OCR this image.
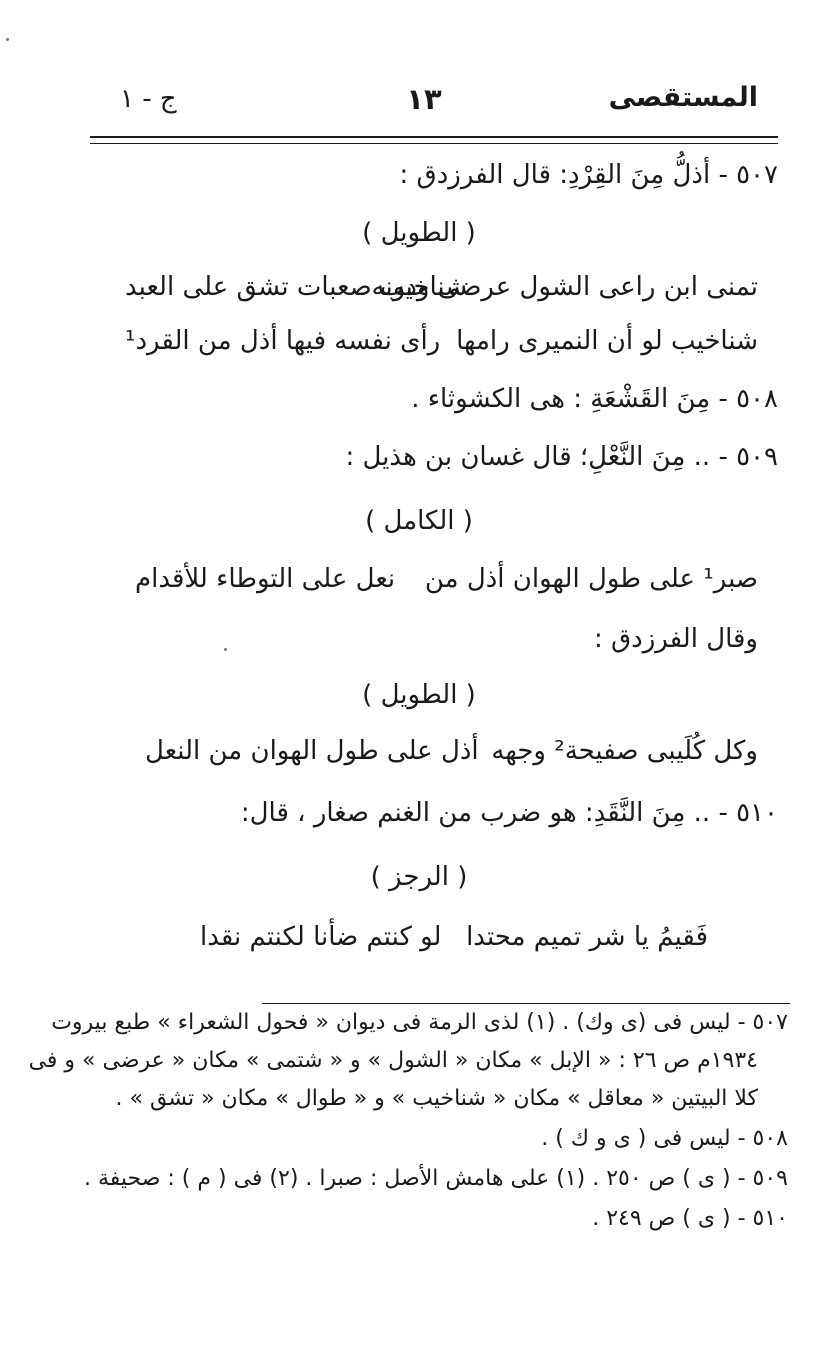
المستقصى
١٣
ج - ١
٥٠٧ - أذلُّ مِنَ القِرْدِ: قال الفرزدق :
( الطويل )
تمنى ابن راعى الشول عرضى ودونه
شناخيب صعبات تشق على العبد
شناخيب لو أن النميرى رامها
رأى نفسه فيها أذل من القرد¹
٥٠٨ - مِنَ القَشْعَةِ : هى الكشوثاء .
٥٠٩ - .. مِنَ النَّعْلِ؛ قال غسان بن هذيل :
( الكامل )
صبر¹ على طول الهوان أذل من
نعل على التوطاء للأقدام
وقال الفرزدق :
( الطويل )
وكل كُلَيبى صفيحة² وجهه
أذل على طول الهوان من النعل
٥١٠ - .. مِنَ النَّقَدِ: هو ضرب من الغنم صغار ، قال:
( الرجز )
فَقيمُ يا شر تميم محتدا
لو كنتم ضأنا لكنتم نقدا
٥٠٧ - ليس فى (ى وك) . (١) لذى الرمة فى ديوان « فحول الشعراء » طبع بيروت
١٩٣٤م ص ٢٦ : « الإبل » مكان « الشول » و « شتمى » مكان « عرضى » و فى
كلا البيتين « معاقل » مكان « شناخيب » و « طوال » مكان « تشق » .
٥٠٨ - ليس فى ( ى و ك ) .
٥٠٩ - ( ى ) ص ٢٥٠ . (١) على هامش الأصل : صبرا . (٢) فى ( م ) : صحيفة .
٥١٠ - ( ى ) ص ٢٤٩ .
